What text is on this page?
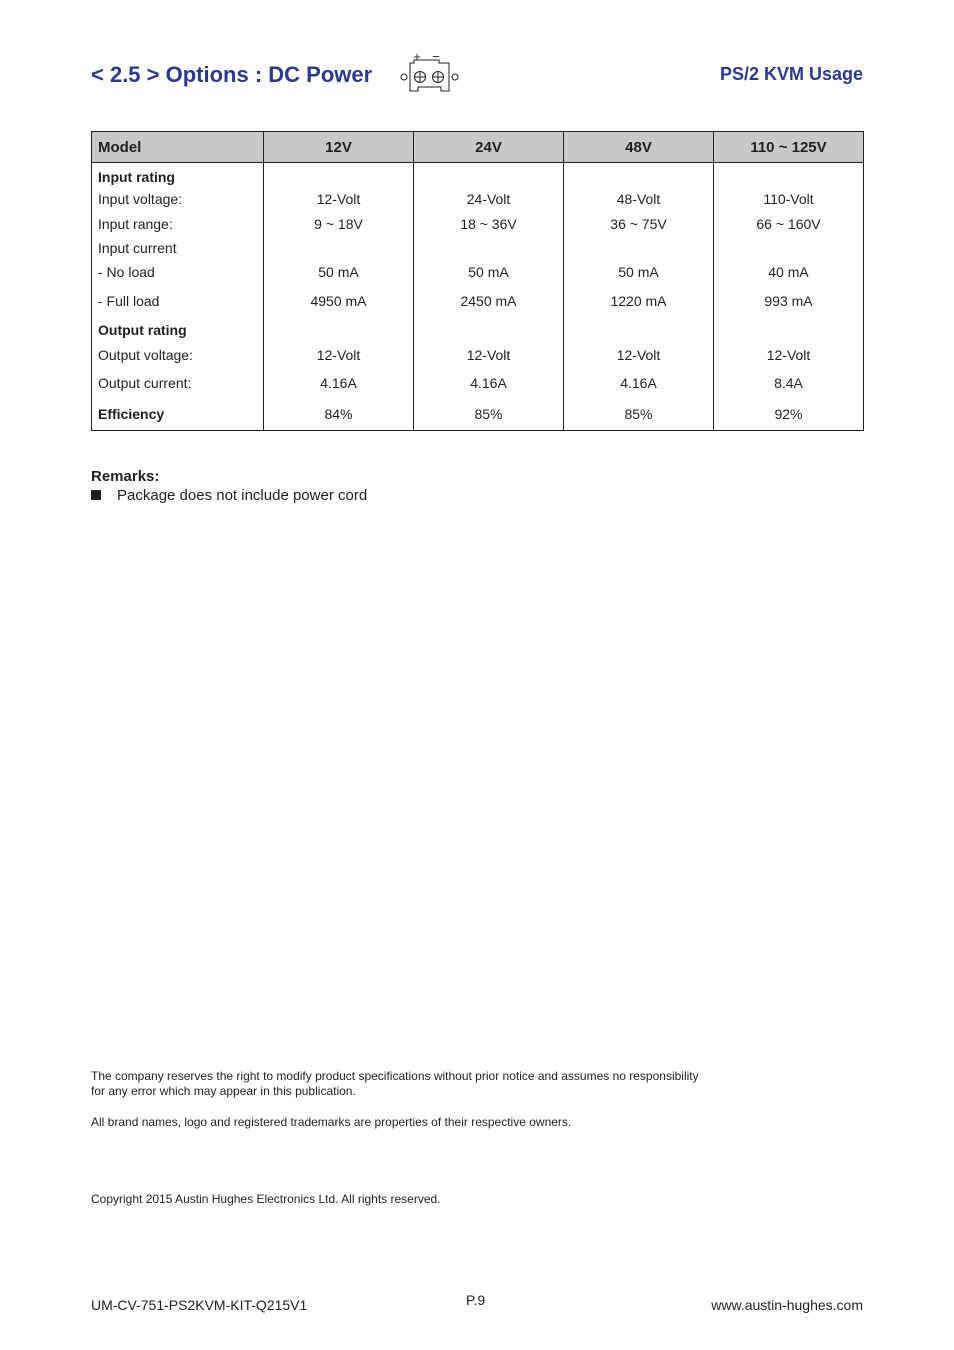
< 2.5 > Options : DC Power
+ −
PS/2 KVM Usage
Model	12V	24V	48V	110 ~ 125V
Input rating				
Input voltage:	12-Volt	24-Volt	48-Volt	110-Volt
Input range:	9 ~ 18V	18 ~ 36V	36 ~ 75V	66 ~ 160V
Input current				
- No load	50 mA	50 mA	50 mA	40 mA
- Full load	4950 mA	2450 mA	1220 mA	993 mA
Output rating				
Output voltage:	12-Volt	12-Volt	12-Volt	12-Volt
Output current:	4.16A	4.16A	4.16A	8.4A
Efficiency	84%	85%	85%	92%
Remarks:
Package does not include power cord
The company reserves the right to modify product specifications without prior notice and assumes no responsibility
for any error which may appear in this publication.
All brand names, logo and registered trademarks are properties of their respective owners.
Copyright 2015 Austin Hughes Electronics Ltd. All rights reserved.
UM-CV-751-PS2KVM-KIT-Q215V1	P.9	www.austin-hughes.com
